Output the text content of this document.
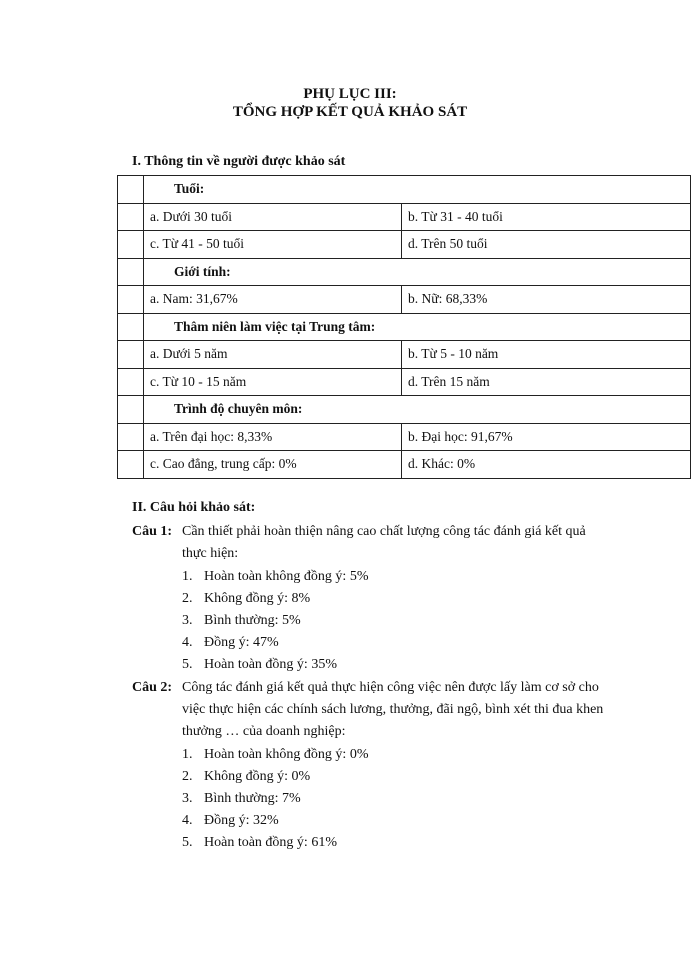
PHỤ LỤC III:
TỔNG HỢP KẾT QUẢ KHẢO SÁT
I. Thông tin về người được khảo sát
	Tuổi:	
	a. Dưới 30 tuổi	b. Từ 31 - 40 tuổi
	c. Từ 41 - 50 tuổi	d. Trên 50 tuổi
	Giới tính:	
	a. Nam: 31,67%	b. Nữ: 68,33%
	Thâm niên làm việc tại Trung tâm:	
	a. Dưới 5 năm	b. Từ 5 - 10 năm
	c. Từ 10 - 15 năm	d. Trên 15 năm
	Trình độ chuyên môn:	
	a. Trên đại học: 8,33%	b. Đại học: 91,67%
	c. Cao đẳng, trung cấp: 0%	d. Khác: 0%
II. Câu hỏi khảo sát:
Câu 1: Cần thiết phải hoàn thiện nâng cao chất lượng công tác đánh giá kết quả thực hiện:
1. Hoàn toàn không đồng ý: 5%
2. Không đồng ý: 8%
3. Bình thường: 5%
4. Đồng ý: 47%
5. Hoàn toàn đồng ý: 35%
Câu 2: Công tác đánh giá kết quả thực hiện công việc nên được lấy làm cơ sở cho việc thực hiện các chính sách lương, thưởng, đãi ngộ, bình xét thi đua khen thưởng … của doanh nghiệp:
1. Hoàn toàn không đồng ý: 0%
2. Không đồng ý: 0%
3. Bình thường: 7%
4. Đồng ý: 32%
5. Hoàn toàn đồng ý: 61%
